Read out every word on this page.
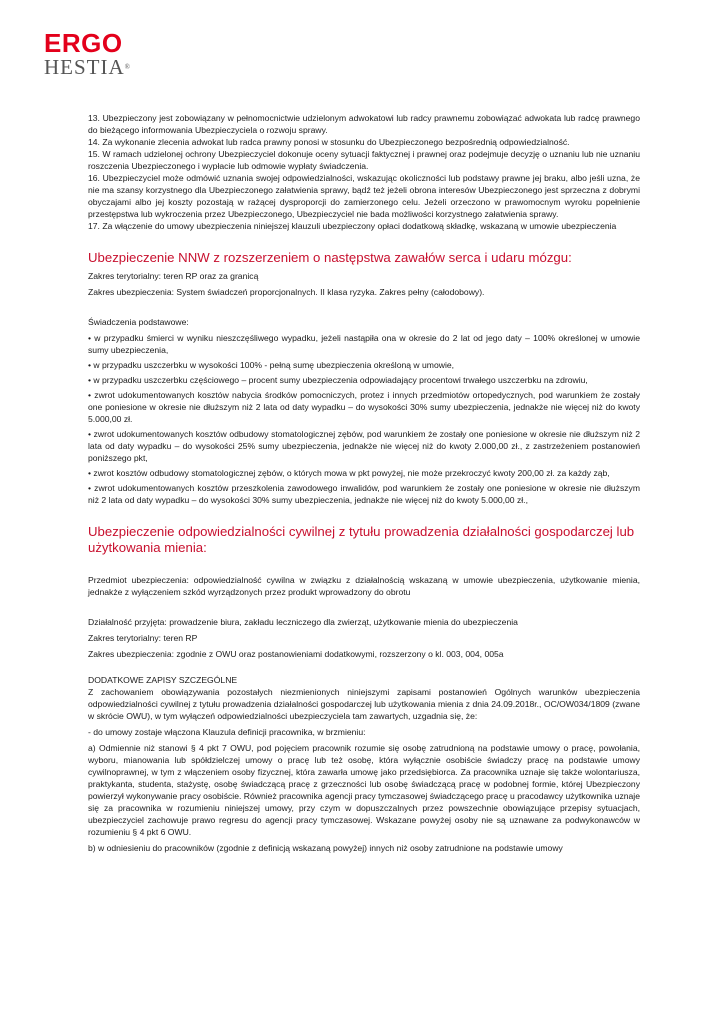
ERGO
HESTIA®

13. Ubezpieczony jest zobowiązany w pełnomocnictwie udzielonym adwokatowi lub radcy prawnemu zobowiązać adwokata lub radcę prawnego do bieżącego informowania Ubezpieczyciela o rozwoju sprawy.

14. Za wykonanie zlecenia adwokat lub radca prawny ponosi w stosunku do Ubezpieczonego bezpośrednią odpowiedzialność.

15. W ramach udzielonej ochrony Ubezpieczyciel dokonuje oceny sytuacji faktycznej i prawnej oraz podejmuje decyzję o uznaniu lub nie uznaniu roszczenia Ubezpieczonego i wypłacie lub odmowie wypłaty świadczenia.

16. Ubezpieczyciel może odmówić uznania swojej odpowiedzialności, wskazując okoliczności lub podstawy prawne jej braku, albo jeśli uzna, że nie ma szansy korzystnego dla Ubezpieczonego załatwienia sprawy, bądź też jeżeli obrona interesów Ubezpieczonego jest sprzeczna z dobrymi obyczajami albo jej koszty pozostają w rażącej dysproporcji do zamierzonego celu. Jeżeli orzeczono w prawomocnym wyroku popełnienie przestępstwa lub wykroczenia przez Ubezpieczonego, Ubezpieczyciel nie bada możliwości korzystnego załatwienia sprawy.

17. Za włączenie do umowy ubezpieczenia niniejszej klauzuli ubezpieczony opłaci dodatkową składkę, wskazaną w umowie ubezpieczenia

Ubezpieczenie NNW z rozszerzeniem o następstwa zawałów serca i udaru mózgu:

Zakres terytorialny: teren RP oraz za granicą

Zakres ubezpieczenia: System świadczeń proporcjonalnych. II klasa ryzyka. Zakres pełny (całodobowy).

Świadczenia podstawowe:

• w przypadku śmierci w wyniku nieszczęśliwego wypadku, jeżeli nastąpiła ona w okresie do 2 lat od jego daty – 100% określonej w umowie sumy ubezpieczenia,

• w przypadku uszczerbku w wysokości 100% - pełną sumę ubezpieczenia określoną w umowie,

• w przypadku uszczerbku częściowego – procent sumy ubezpieczenia odpowiadający procentowi trwałego uszczerbku na zdrowiu,

• zwrot udokumentowanych kosztów nabycia środków pomocniczych, protez i innych przedmiotów ortopedycznych, pod warunkiem że zostały one poniesione w okresie nie dłuższym niż 2 lata od daty wypadku – do wysokości 30% sumy ubezpieczenia, jednakże nie więcej niż do kwoty 5.000,00 zł.

• zwrot udokumentowanych kosztów odbudowy stomatologicznej zębów, pod warunkiem że zostały one poniesione w okresie nie dłuższym niż 2 lata od daty wypadku – do wysokości 25% sumy ubezpieczenia, jednakże nie więcej niż do kwoty 2.000,00 zł., z zastrzeżeniem postanowień poniższego pkt,

• zwrot kosztów odbudowy stomatologicznej zębów, o których mowa w pkt powyżej, nie może przekroczyć kwoty 200,00 zł. za każdy ząb,

• zwrot udokumentowanych kosztów przeszkolenia zawodowego inwalidów, pod warunkiem że zostały one poniesione w okresie nie dłuższym niż 2 lata od daty wypadku – do wysokości 30% sumy ubezpieczenia, jednakże nie więcej niż do kwoty 5.000,00 zł.,

Ubezpieczenie odpowiedzialności cywilnej z tytułu prowadzenia działalności gospodarczej lub użytkowania mienia:

Przedmiot ubezpieczenia: odpowiedzialność cywilna w związku z działalnością wskazaną w umowie ubezpieczenia, użytkowanie mienia, jednakże z wyłączeniem szkód wyrządzonych przez produkt wprowadzony do obrotu

Działalność przyjęta: prowadzenie biura, zakładu leczniczego dla zwierząt, użytkowanie mienia do ubezpieczenia

Zakres terytorialny: teren RP

Zakres ubezpieczenia: zgodnie z OWU oraz postanowieniami dodatkowymi, rozszerzony o kl. 003, 004, 005a

DODATKOWE ZAPISY SZCZEGÓLNE

Z zachowaniem obowiązywania pozostałych niezmienionych niniejszymi zapisami postanowień Ogólnych warunków ubezpieczenia odpowiedzialności cywilnej z tytułu prowadzenia działalności gospodarczej lub użytkowania mienia z dnia 24.09.2018r., OC/OW034/1809 (zwane w skrócie OWU), w tym wyłączeń odpowiedzialności ubezpieczyciela tam zawartych, uzgadnia się, że:

- do umowy zostaje włączona Klauzula definicji pracownika, w brzmieniu:

a) Odmiennie niż stanowi § 4 pkt 7 OWU, pod pojęciem pracownik rozumie się osobę zatrudnioną na podstawie umowy o pracę, powołania, wyboru, mianowania lub spółdzielczej umowy o pracę lub też osobę, która wyłącznie osobiście świadczy pracę na podstawie umowy cywilnoprawnej, w tym z włączeniem osoby fizycznej, która zawarła umowę jako przedsiębiorca. Za pracownika uznaje się także wolontariusza, praktykanta, studenta, stażystę, osobę świadczącą pracę z grzeczności lub osobę świadczącą pracę w podobnej formie, której Ubezpieczony powierzył wykonywanie pracy osobiście. Również pracownika agencji pracy tymczasowej świadczącego pracę u pracodawcy użytkownika uznaje się za pracownika w rozumieniu niniejszej umowy, przy czym w dopuszczalnych przez powszechnie obowiązujące przepisy sytuacjach, ubezpieczyciel zachowuje prawo regresu do agencji pracy tymczasowej. Wskazane powyżej osoby nie są uznawane za podwykonawców w rozumieniu § 4 pkt 6 OWU.

b) w odniesieniu do pracowników (zgodnie z definicją wskazaną powyżej) innych niż osoby zatrudnione na podstawie umowy
